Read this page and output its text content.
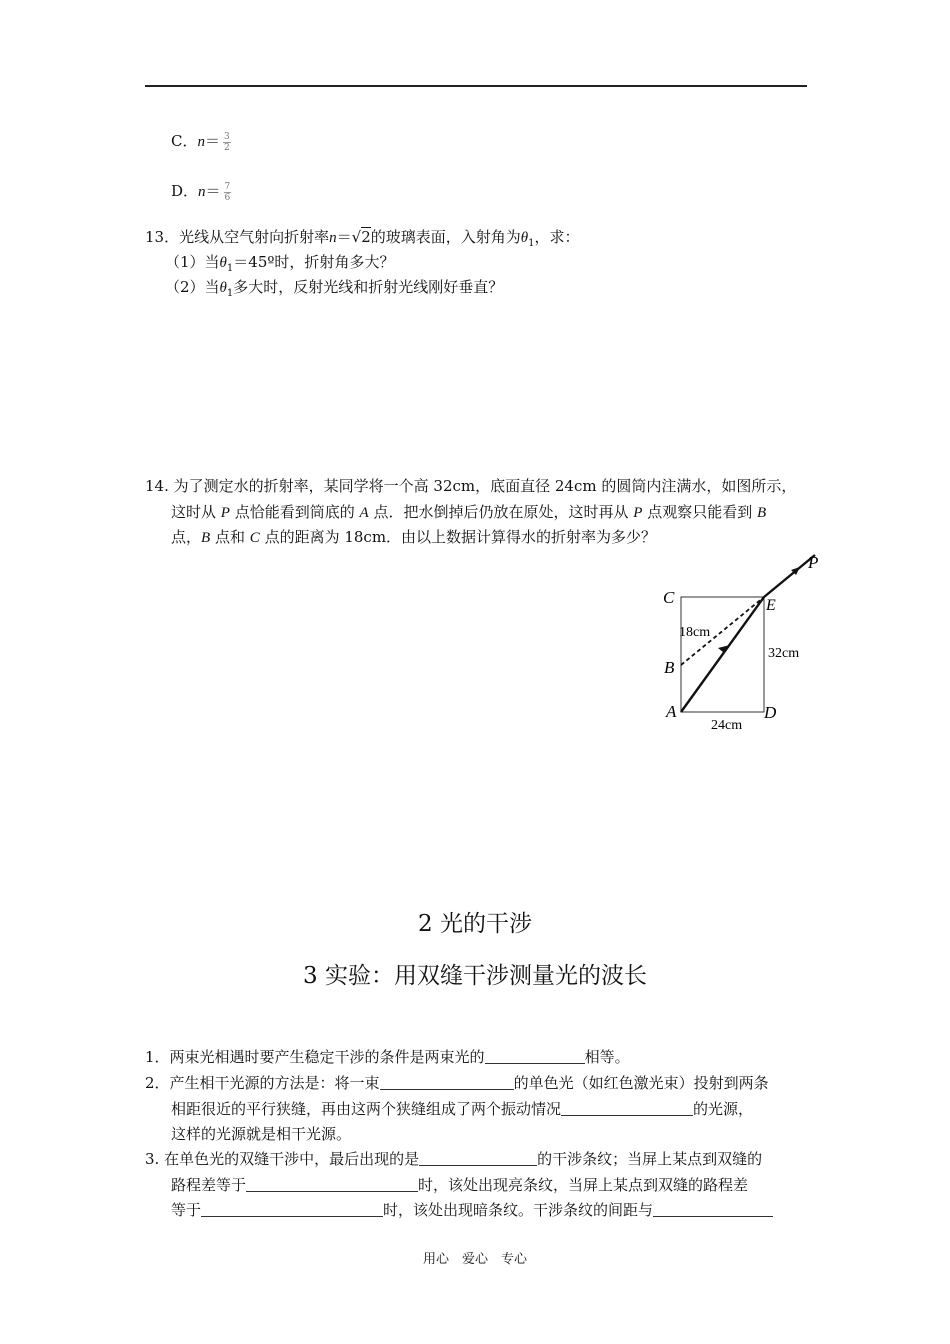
C．$n= \frac{3}{2}$
D．$n= \frac{7}{6}$
13．光线从空气射向折射率n＝√2的玻璃表面，入射角为$\theta_1$，求：
（1）当$\theta_1=45º$时，折射角多大？
（2）当$\theta_1$多大时，反射光线和折射光线刚好垂直？
14. 为了测定水的折射率，某同学将一个高 32cm，底面直径 24cm 的圆筒内注满水，如图所示，
这时从 P 点恰能看到筒底的 A 点．把水倒掉后仍放在原处，这时再从 P 点观察只能看到 B
点，B 点和 C 点的距离为 18cm．由以上数据计算得水的折射率为多少？
C	E
P
B
A	D
18cm
32cm
24cm
2 光的干涉
3 实验：用双缝干涉测量光的波长
1．两束光相遇时要产生稳定干涉的条件是两束光的	相等。
2．产生相干光源的方法是：将一束	的单色光（如红色激光束）投射到两条
相距很近的平行狭缝，再由这两个狭缝组成了两个振动情况	的光源，
这样的光源就是相干光源。
3. 在单色光的双缝干涉中，最后出现的是	的干涉条纹；当屏上某点到双缝的
路程差等于	时，该处出现亮条纹，当屏上某点到双缝的路程差
等于	时，该处出现暗条纹。干涉条纹的间距与
用心　爱心　专心
